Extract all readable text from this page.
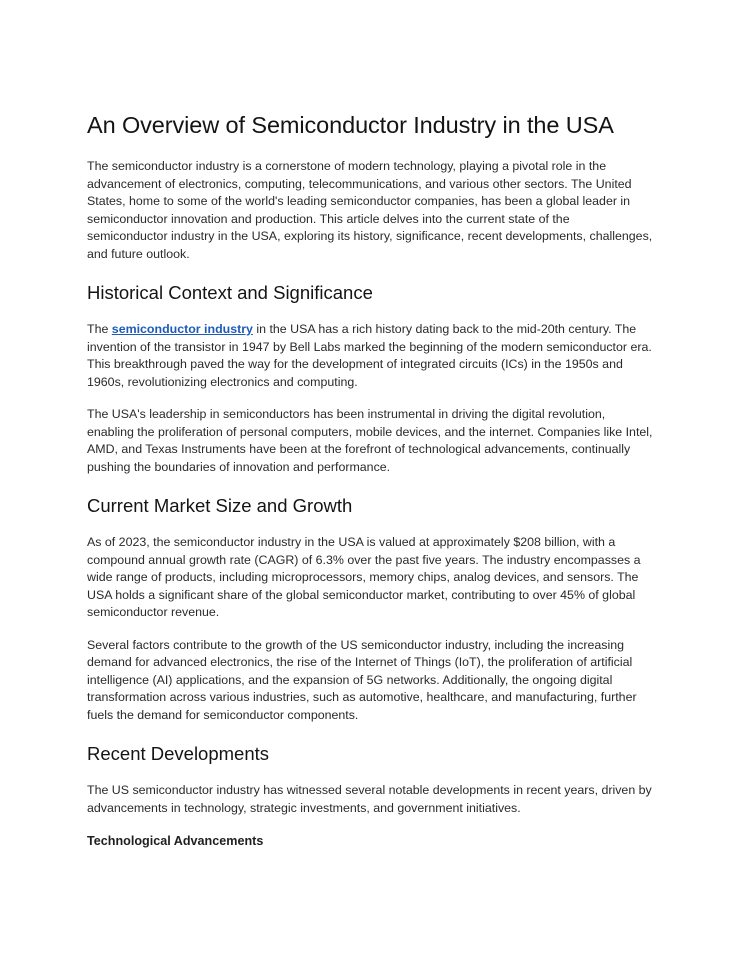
An Overview of Semiconductor Industry in the USA

The semiconductor industry is a cornerstone of modern technology, playing a pivotal role in the advancement of electronics, computing, telecommunications, and various other sectors. The United States, home to some of the world's leading semiconductor companies, has been a global leader in semiconductor innovation and production. This article delves into the current state of the semiconductor industry in the USA, exploring its history, significance, recent developments, challenges, and future outlook.

Historical Context and Significance

The semiconductor industry in the USA has a rich history dating back to the mid-20th century. The invention of the transistor in 1947 by Bell Labs marked the beginning of the modern semiconductor era. This breakthrough paved the way for the development of integrated circuits (ICs) in the 1950s and 1960s, revolutionizing electronics and computing.

The USA's leadership in semiconductors has been instrumental in driving the digital revolution, enabling the proliferation of personal computers, mobile devices, and the internet. Companies like Intel, AMD, and Texas Instruments have been at the forefront of technological advancements, continually pushing the boundaries of innovation and performance.

Current Market Size and Growth

As of 2023, the semiconductor industry in the USA is valued at approximately $208 billion, with a compound annual growth rate (CAGR) of 6.3% over the past five years. The industry encompasses a wide range of products, including microprocessors, memory chips, analog devices, and sensors. The USA holds a significant share of the global semiconductor market, contributing to over 45% of global semiconductor revenue.

Several factors contribute to the growth of the US semiconductor industry, including the increasing demand for advanced electronics, the rise of the Internet of Things (IoT), the proliferation of artificial intelligence (AI) applications, and the expansion of 5G networks. Additionally, the ongoing digital transformation across various industries, such as automotive, healthcare, and manufacturing, further fuels the demand for semiconductor components.

Recent Developments

The US semiconductor industry has witnessed several notable developments in recent years, driven by advancements in technology, strategic investments, and government initiatives.

Technological Advancements
